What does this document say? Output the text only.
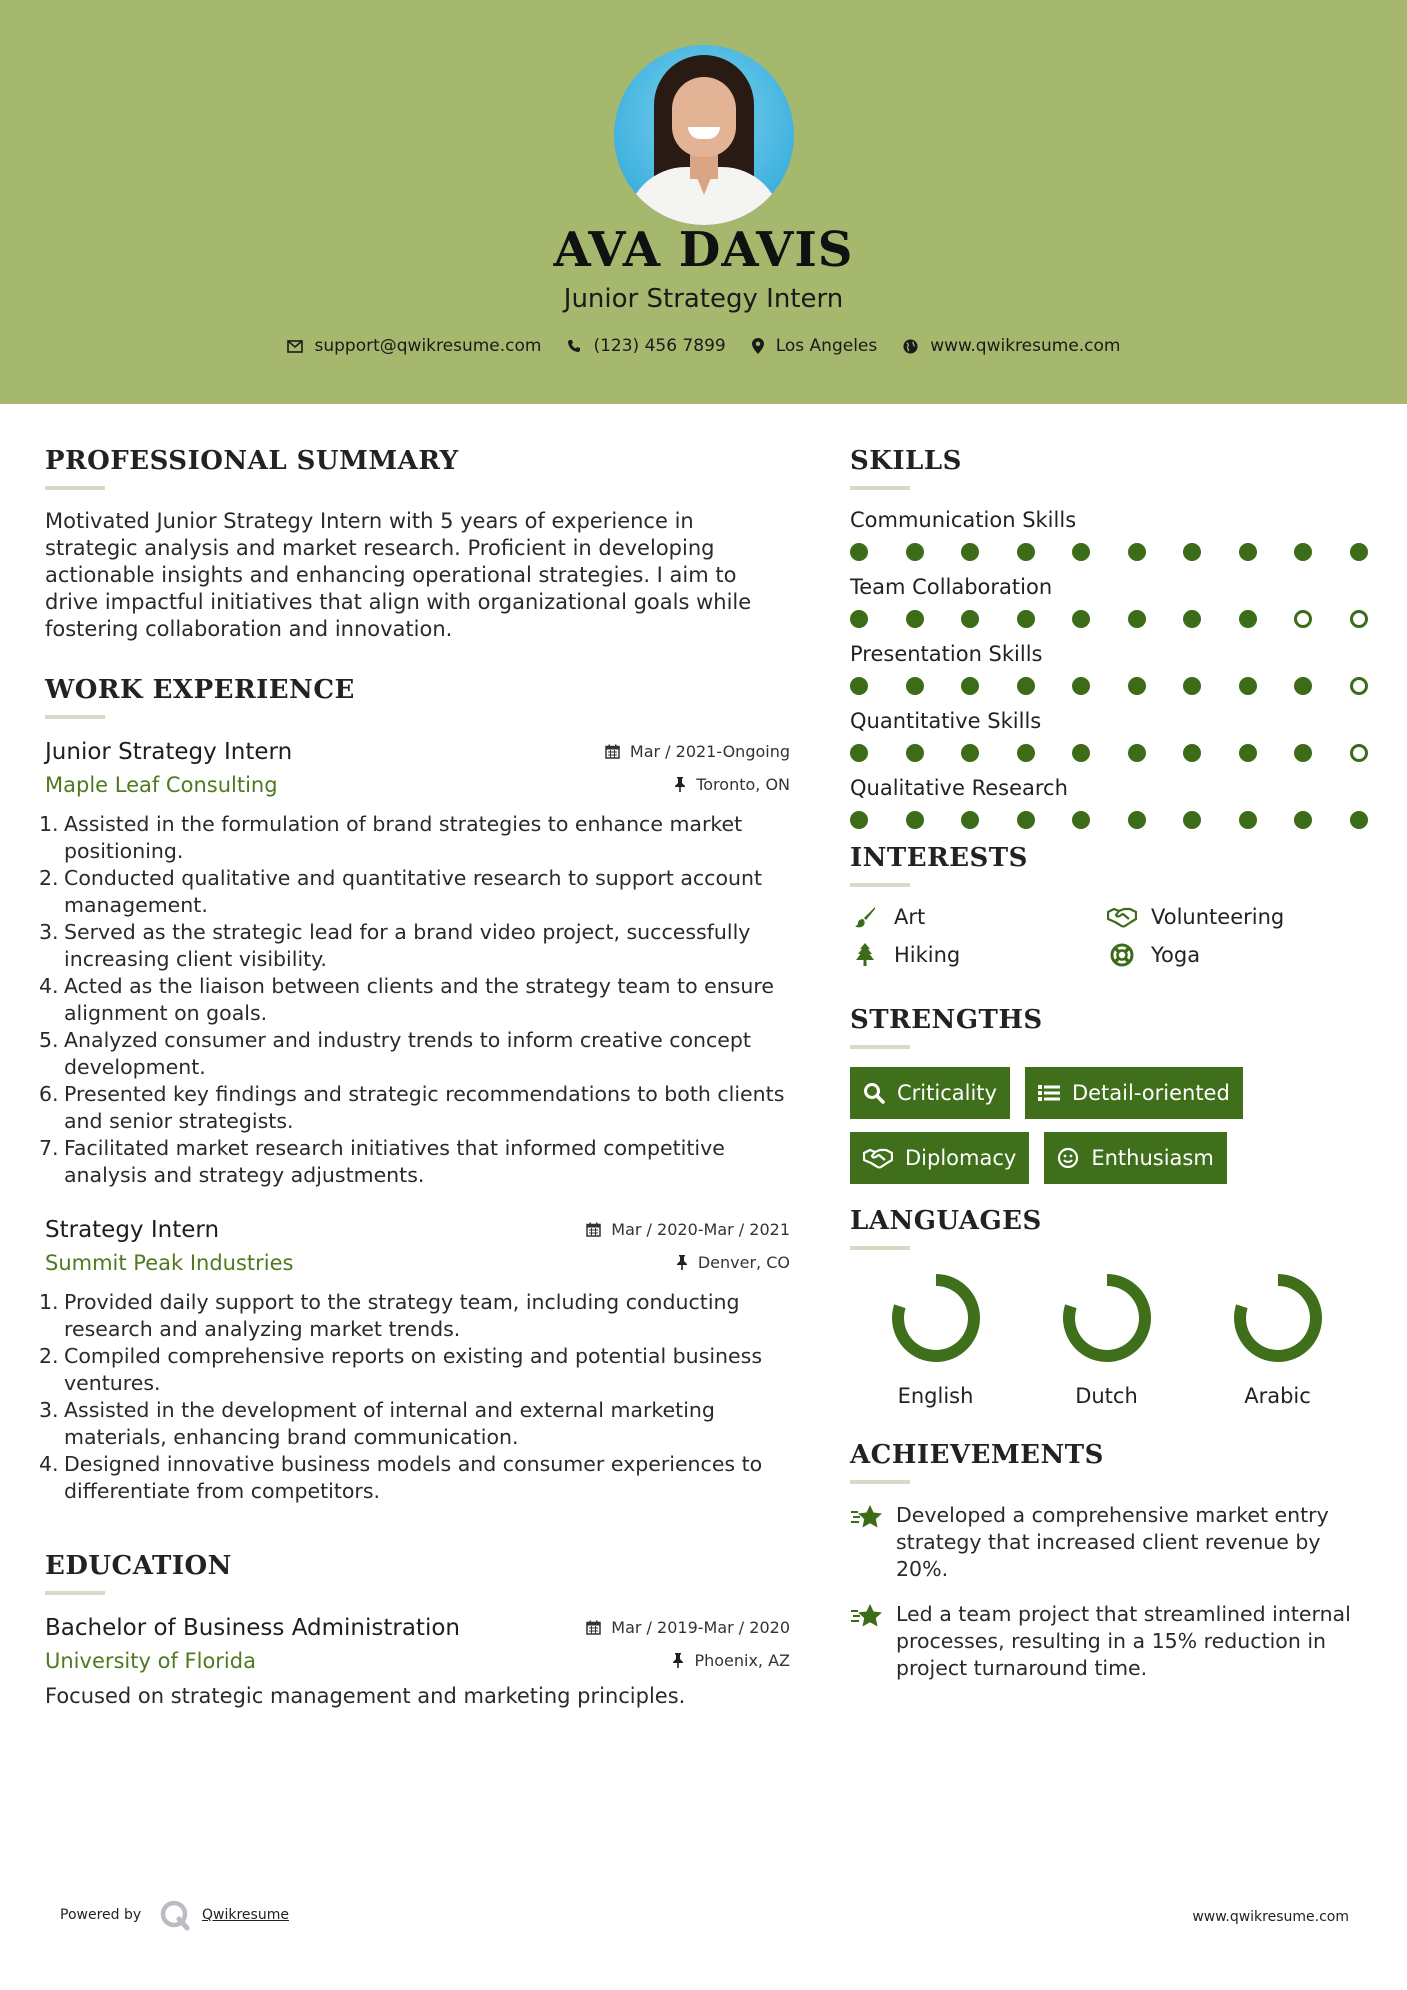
AVA DAVIS
Junior Strategy Intern
support@qwikresume.com	(123) 456 7899	Los Angeles	www.qwikresume.com
PROFESSIONAL SUMMARY

Motivated Junior Strategy Intern with 5 years of experience in strategic analysis and market research. Proficient in developing actionable insights and enhancing operational strategies. I aim to drive impactful initiatives that align with organizational goals while fostering collaboration and innovation.

WORK EXPERIENCE
Junior Strategy Intern	Mar / 2021-Ongoing
Maple Leaf Consulting	Toronto, ON
1. Assisted in the formulation of brand strategies to enhance market positioning.
2. Conducted qualitative and quantitative research to support account management.
3. Served as the strategic lead for a brand video project, successfully increasing client visibility.
4. Acted as the liaison between clients and the strategy team to ensure alignment on goals.
5. Analyzed consumer and industry trends to inform creative concept development.
6. Presented key findings and strategic recommendations to both clients and senior strategists.
7. Facilitated market research initiatives that informed competitive analysis and strategy adjustments.
Strategy Intern	Mar / 2020-Mar / 2021
Summit Peak Industries	Denver, CO
1. Provided daily support to the strategy team, including conducting research and analyzing market trends.
2. Compiled comprehensive reports on existing and potential business ventures.
3. Assisted in the development of internal and external marketing materials, enhancing brand communication.
4. Designed innovative business models and consumer experiences to differentiate from competitors.
EDUCATION
Bachelor of Business Administration	Mar / 2019-Mar / 2020
University of Florida	Phoenix, AZ

Focused on strategic management and marketing principles.

SKILLS
Communication Skills
Team Collaboration
Presentation Skills
Quantitative Skills
Qualitative Research
INTERESTS
Art	Volunteering
Hiking	Yoga
STRENGTHS
Criticality	Detail-oriented
Diplomacy	Enthusiasm
LANGUAGES
English	Dutch	Arabic
ACHIEVEMENTS
Developed a comprehensive market entry strategy that increased client revenue by 20%.
Led a team project that streamlined internal processes, resulting in a 15% reduction in project turnaround time.
Powered by	Qwikresume	www.qwikresume.com
